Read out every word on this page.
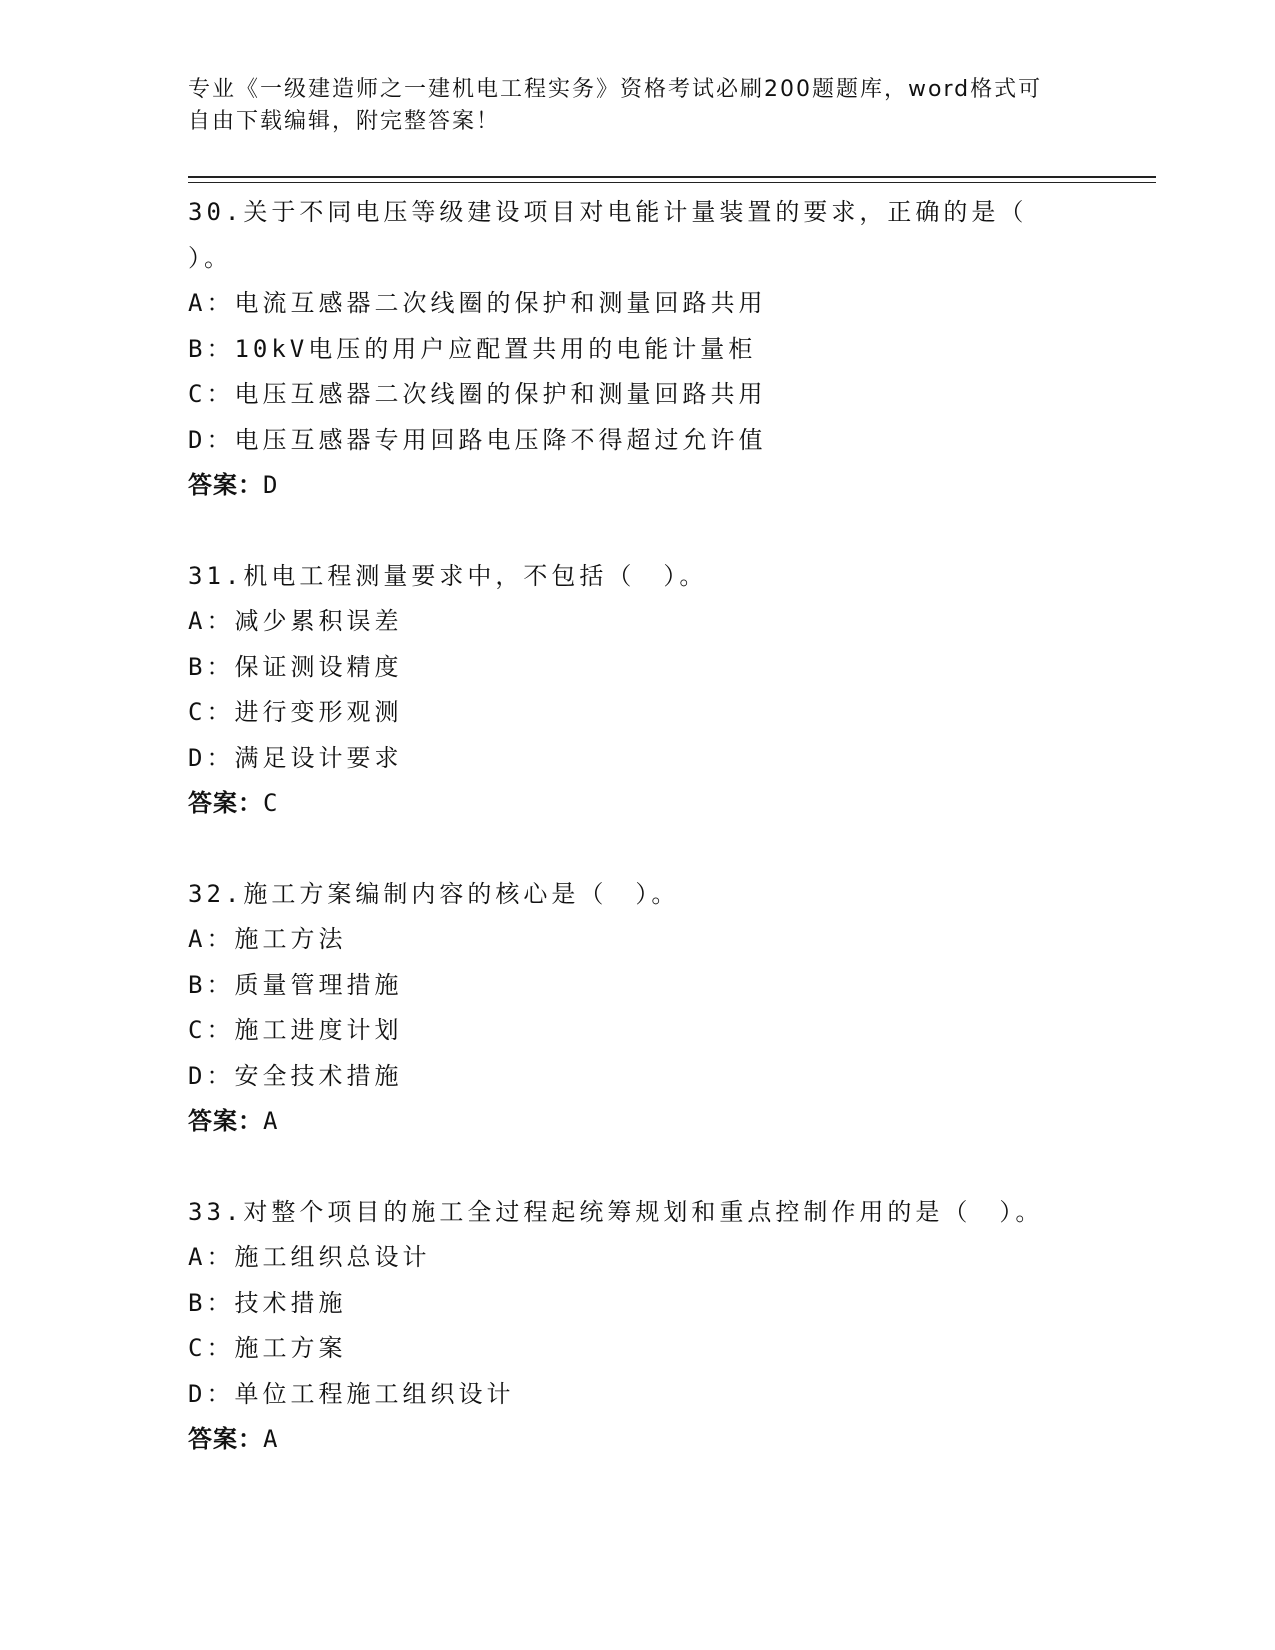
专业《一级建造师之一建机电工程实务》资格考试必刷200题题库，word格式可
自由下载编辑，附完整答案！
30.关于不同电压等级建设项目对电能计量装置的要求，正确的是（
）。
A：电流互感器二次线圈的保护和测量回路共用
B：10kV电压的用户应配置共用的电能计量柜
C：电压互感器二次线圈的保护和测量回路共用
D：电压互感器专用回路电压降不得超过允许值
答案：D
31.机电工程测量要求中，不包括（　）。
A：减少累积误差
B：保证测设精度
C：进行变形观测
D：满足设计要求
答案：C
32.施工方案编制内容的核心是（　）。
A：施工方法
B：质量管理措施
C：施工进度计划
D：安全技术措施
答案：A
33.对整个项目的施工全过程起统筹规划和重点控制作用的是（　）。
A：施工组织总设计
B：技术措施
C：施工方案
D：单位工程施工组织设计
答案：A
